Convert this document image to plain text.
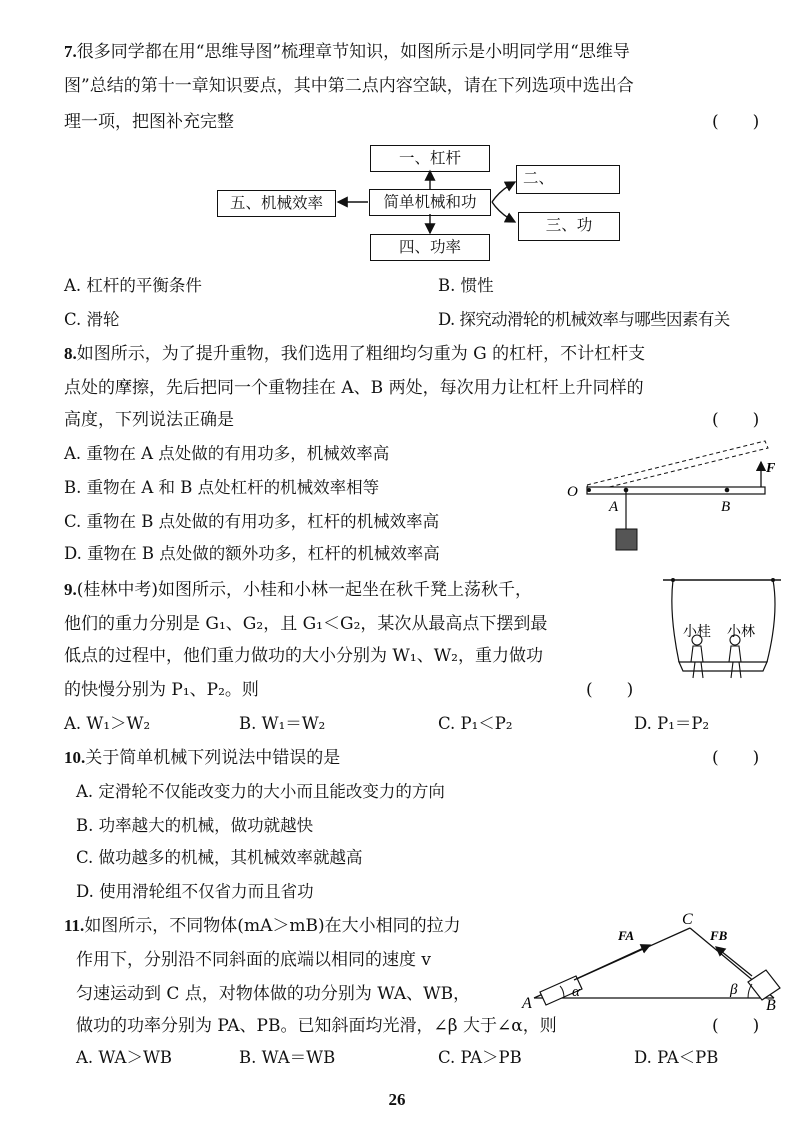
7.很多同学都在用“思维导图”梳理章节知识，如图所示是小明同学用“思维导
图”总结的第十一章知识要点，其中第二点内容空缺，请在下列选项中选出合
理一项，把图补充完整	(　　)
一、杠杆
二、
五、机械效率	简单机械和功
三、功
四、功率
A. 杠杆的平衡条件	B. 惯性
C. 滑轮	D. 探究动滑轮的机械效率与哪些因素有关
8.如图所示，为了提升重物，我们选用了粗细均匀重为 G 的杠杆，不计杠杆支
点处的摩擦，先后把同一个重物挂在 A、B 两处，每次用力让杠杆上升同样的
高度，下列说法正确是	(　　)
A. 重物在 A 点处做的有用功多，机械效率高
B. 重物在 A 和 B 点处杠杆的机械效率相等
C. 重物在 B 点处做的有用功多，杠杆的机械效率高
D. 重物在 B 点处做的额外功多，杠杆的机械效率高
O
A	B
F
9.(桂林中考)如图所示，小桂和小林一起坐在秋千凳上荡秋千，
他们的重力分别是 G₁、G₂，且 G₁＜G₂，某次从最高点下摆到最
低点的过程中，他们重力做功的大小分别为 W₁、W₂，重力做功
的快慢分别为 P₁、P₂。则	(　　)
小桂 小林
A. W₁＞W₂	B. W₁＝W₂	C. P₁＜P₂	D. P₁＝P₂
10.关于简单机械下列说法中错误的是	(　　)
A. 定滑轮不仅能改变力的大小而且能改变力的方向
B. 功率越大的机械，做功就越快
C. 做功越多的机械，其机械效率就越高
D. 使用滑轮组不仅省力而且省功
11.如图所示，不同物体(mA＞mB)在大小相同的拉力
作用下，分别沿不同斜面的底端以相同的速度 v
匀速运动到 C 点，对物体做的功分别为 WA、WB，
做功的功率分别为 PA、PB。已知斜面均光滑，∠β 大于∠α，则	(　　)
A	B
C
FA	FB
α	β
A. WA＞WB	B. WA＝WB	C. PA＞PB	D. PA＜PB
26
